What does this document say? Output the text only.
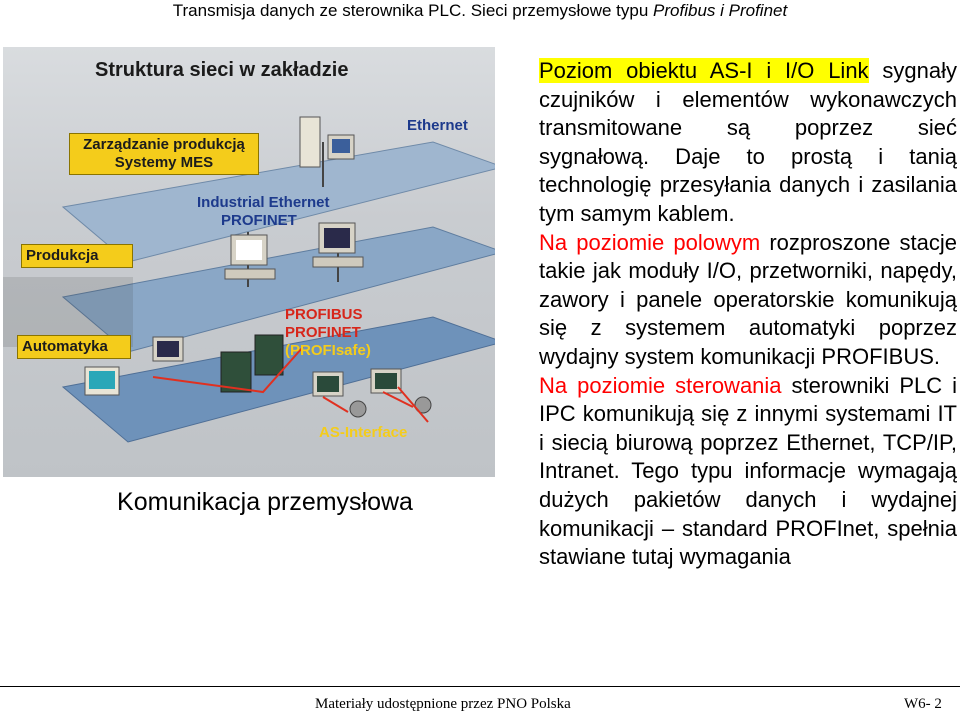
Transmisja danych ze sterownika PLC. Sieci przemysłowe typu Profibus i Profinet
Struktura sieci w zakładzie
Zarządzanie produkcją
Systemy MES
Produkcja
Automatyka
Ethernet
Industrial Ethernet
PROFINET
PROFIBUS
PROFINET
(PROFIsafe)
AS-Interface
Komunikacja przemysłowa

Poziom obiektu AS-I i I/O Link sygnały czujników i elementów wykonawczych transmitowane są poprzez sieć sygnałową. Daje to prostą i tanią technologię przesyłania danych i zasilania tym samym kablem.

Na poziomie polowym rozproszone stacje takie jak moduły I/O, przetworniki, napędy, zawory i panele operatorskie komunikują się z systemem automatyki poprzez wydajny system komunikacji PROFIBUS.

Na poziomie sterowania sterowniki PLC i IPC komunikują się z innymi systemami IT i siecią biurową poprzez Ethernet, TCP/IP, Intranet. Tego typu informacje wymagają dużych pakietów danych i wydajnej komunikacji – standard PROFInet, spełnia stawiane tutaj wymagania

Materiały udostępnione przez PNO Polska	W6- 2
